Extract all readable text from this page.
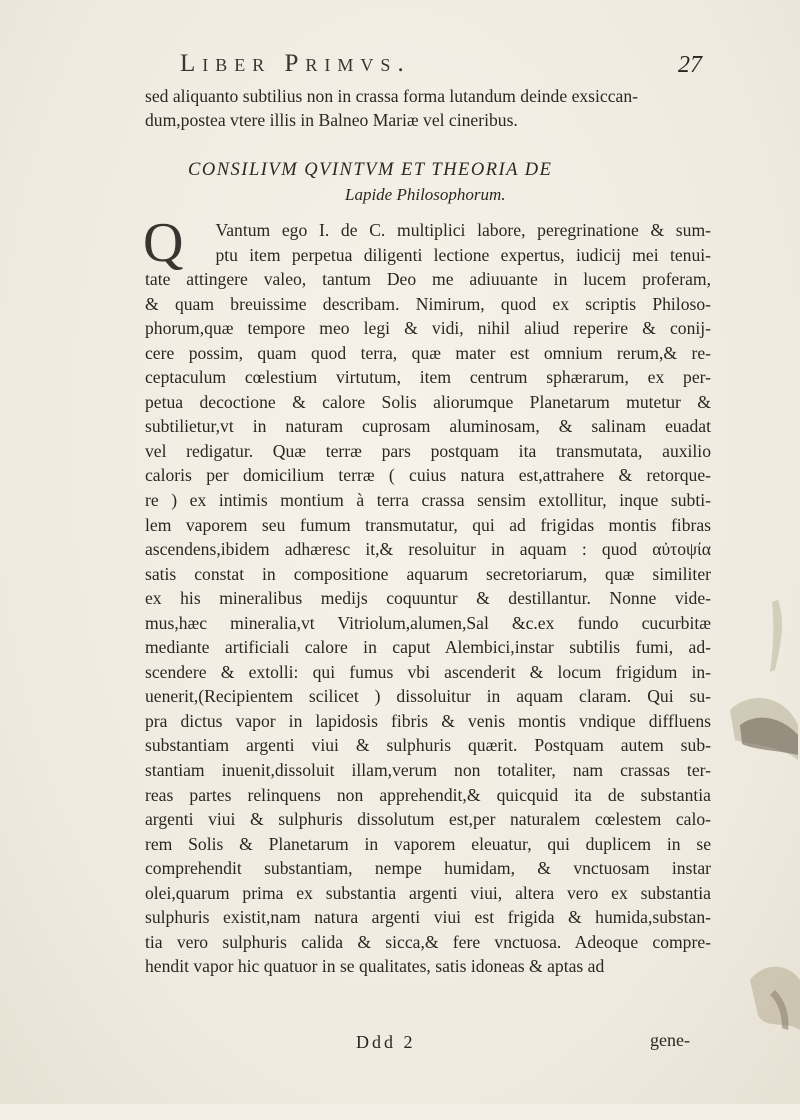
Liber Primvs.	27
sed aliquanto subtilius non in crassa forma lutandum deinde exsiccan-
dum,postea vtere illis in Balneo Mariæ vel cineribus.
CONSILIVM QVINTVM ET THEORIA DE
Lapide Philosophorum.
Q	Vantum ego I. de C. multiplici labore, peregrinatione & sum-
ptu item perpetua diligenti lectione expertus, iudicij mei tenui-
tate attingere valeo, tantum Deo me adiuuante in lucem proferam,
& quam breuissime describam. Nimirum, quod ex scriptis Philoso-
phorum,quæ tempore meo legi & vidi, nihil aliud reperire & conij-
cere possim, quam quod terra, quæ mater est omnium rerum,& re-
ceptaculum cœlestium virtutum, item centrum sphærarum, ex per-
petua decoctione & calore Solis aliorumque Planetarum mutetur &
subtilietur,vt in naturam cuprosam aluminosam, & salinam euadat
vel redigatur. Quæ terræ pars postquam ita transmutata, auxilio
caloris per domicilium terræ ( cuius natura est,attrahere & retorque-
re ) ex intimis montium à terra crassa sensim extollitur, inque subti-
lem vaporem seu fumum transmutatur, qui ad frigidas montis fibras
ascendens,ibidem adhæresc it,& resoluitur in aquam : quod αὐτοψία
satis constat in compositione aquarum secretoriarum, quæ similiter
ex his mineralibus medijs coquuntur & destillantur. Nonne vide-
mus,hæc mineralia,vt Vitriolum,alumen,Sal &c.ex fundo cucurbitæ
mediante artificiali calore in caput Alembici,instar subtilis fumi, ad-
scendere & extolli: qui fumus vbi ascenderit & locum frigidum in-
uenerit,(Recipientem scilicet ) dissoluitur in aquam claram. Qui su-
pra dictus vapor in lapidosis fibris & venis montis vndique diffluens
substantiam argenti viui & sulphuris quærit. Postquam autem sub-
stantiam inuenit,dissoluit illam,verum non totaliter, nam crassas ter-
reas partes relinquens non apprehendit,& quicquid ita de substantia
argenti viui & sulphuris dissolutum est,per naturalem cœlestem calo-
rem Solis & Planetarum in vaporem eleuatur, qui duplicem in se
comprehendit substantiam, nempe humidam, & vnctuosam instar
olei,quarum prima ex substantia argenti viui, altera vero ex substantia
sulphuris existit,nam natura argenti viui est frigida & humida,substan-
tia vero sulphuris calida & sicca,& fere vnctuosa. Adeoque compre-
hendit vapor hic quatuor in se qualitates, satis idoneas & aptas ad
Ddd 2	gene-
